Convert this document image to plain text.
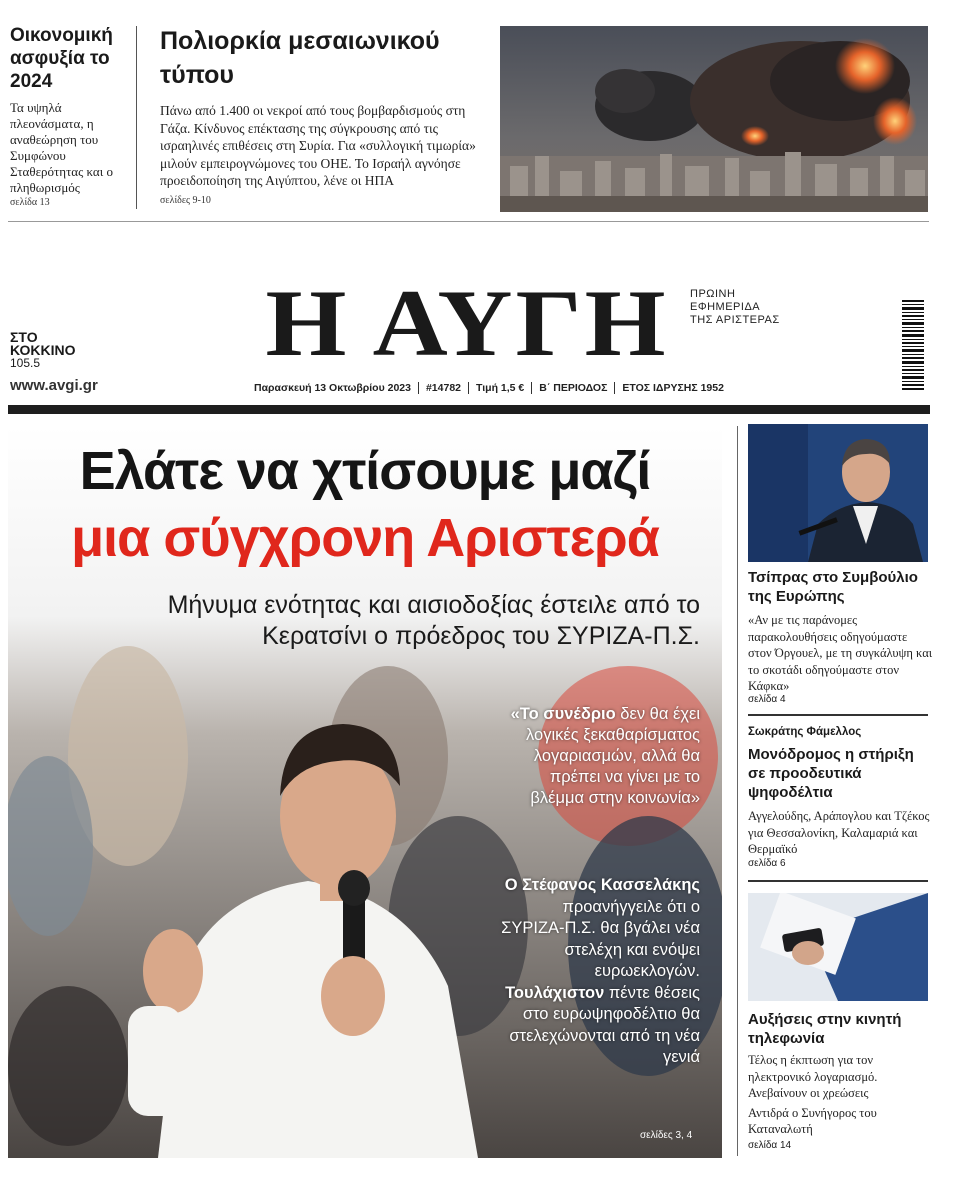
Οικονομική ασφυξία το 2024
Τα υψηλά πλεονάσματα, η αναθεώρηση του Συμφώνου Σταθερότητας και ο πληθωρισμός
σελίδα 13
Πολιορκία μεσαιωνικού τύπου
Πάνω από 1.400 οι νεκροί από τους βομβαρδισμούς στη Γάζα. Κίνδυνος επέκτασης της σύγκρουσης από τις ισραηλινές επιθέσεις στη Συρία. Για «συλλογική τιμωρία» μιλούν εμπειρογνώμονες του ΟΗΕ. Το Ισραήλ αγνόησε προειδοποίηση της Αιγύπτου, λένε οι ΗΠΑ
σελίδες 9-10
ΣΤΟ
ΚΟΚΚΙΝΟ
105.5
www.avgi.gr
Η ΑΥΓΗ	ΠΡΩΙΝΗ
ΕΦΗΜΕΡΙΔΑ
ΤΗΣ ΑΡΙΣΤΕΡΑΣ
Παρασκευή 13 Οκτωβρίου 2023	#14782	Τιμή 1,5 €	Β΄ ΠΕΡΙΟΔΟΣ	ΕΤΟΣ ΙΔΡΥΣΗΣ 1952
Ελάτε να χτίσουμε μαζί
μια σύγχρονη Αριστερά
Μήνυμα ενότητας και αισιοδοξίας έστειλε από το Κερατσίνι ο πρόεδρος του ΣΥΡΙΖΑ-Π.Σ.
«Το συνέδριο δεν θα έχει λογικές ξεκαθαρίσματος λογαριασμών, αλλά θα πρέπει να γίνει με το βλέμμα στην κοινωνία»
Ο Στέφανος Κασσελάκης προανήγγειλε ότι ο ΣΥΡΙΖΑ-Π.Σ. θα βγάλει νέα στελέχη και ενόψει ευρωεκλογών. Τουλάχιστον πέντε θέσεις στο ευρωψηφοδέλτιο θα στελεχώνονται από τη νέα γενιά
σελίδες 3, 4
Τσίπρας στο Συμβούλιο της Ευρώπης
«Αν με τις παράνομες παρακολουθήσεις οδηγούμαστε στον Όργουελ, με τη συγκάλυψη και το σκοτάδι οδηγούμαστε στον Κάφκα»
σελίδα 4
Σωκράτης Φάμελλος
Μονόδρομος η στήριξη σε προοδευτικά ψηφοδέλτια
Αγγελούδης, Αράπογλου και Τζέκος για Θεσσαλονίκη, Καλαμαριά και Θερμαϊκό
σελίδα 6
Αυξήσεις στην κινητή τηλεφωνία
Τέλος η έκπτωση για τον ηλεκτρονικό λογαριασμό. Ανεβαίνουν οι χρεώσεις
Αντιδρά ο Συνήγορος του Καταναλωτή
σελίδα 14
